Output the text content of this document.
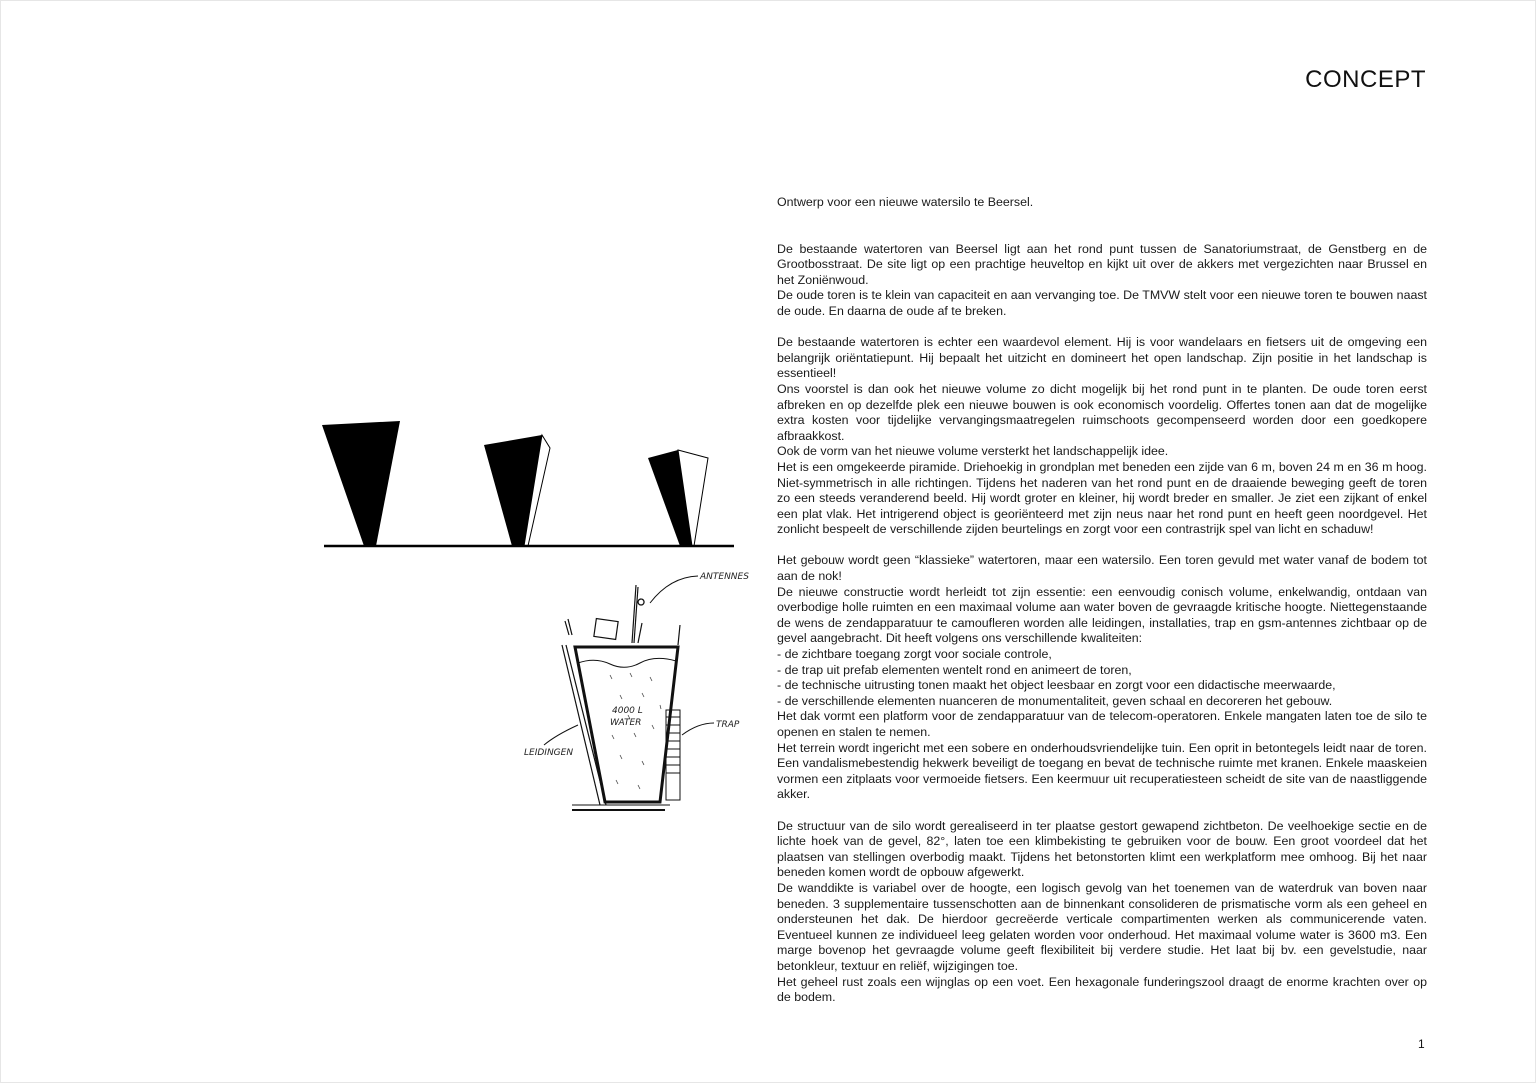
CONCEPT
ANTENNES
4000 L
WATER	TRAP
LEIDINGEN

Ontwerp voor een nieuwe watersilo te Beersel.

De bestaande watertoren van Beersel ligt aan het rond punt tussen de Sanatoriumstraat, de Genstberg en de Grootbosstraat. De site ligt op een prachtige heuveltop en kijkt uit over de akkers met vergezichten naar Brussel en het Zoniënwoud.

De oude toren is te klein van capaciteit en aan vervanging toe. De TMVW stelt voor een nieuwe toren te bouwen naast de oude. En daarna de oude af te breken.

De bestaande watertoren is echter een waardevol element. Hij is voor wandelaars en fietsers uit de omgeving een belangrijk oriëntatiepunt. Hij bepaalt het uitzicht en domineert het open landschap. Zijn positie in het landschap is essentieel!

Ons voorstel is dan ook het nieuwe volume zo dicht mogelijk bij het rond punt in te planten. De oude toren eerst afbreken en op dezelfde plek een nieuwe bouwen is ook economisch voordelig. Offertes tonen aan dat de mogelijke extra kosten voor tijdelijke vervangingsmaatregelen ruimschoots gecompenseerd worden door een goedkopere afbraakkost.

Ook de vorm van het nieuwe volume versterkt het landschappelijk idee.

Het is een omgekeerde piramide. Driehoekig in grondplan met beneden een zijde van 6 m, boven 24 m en 36 m hoog. Niet-symmetrisch in alle richtingen. Tijdens het naderen van het rond punt en de draaiende beweging geeft de toren zo een steeds veranderend beeld. Hij wordt groter en kleiner, hij wordt breder en smaller. Je ziet een zijkant of enkel een plat vlak. Het intrigerend object is georiënteerd met zijn neus naar het rond punt en heeft geen noordgevel. Het zonlicht bespeelt de verschillende zijden beurtelings en zorgt voor een contrastrijk spel van licht en schaduw!

Het gebouw wordt geen “klassieke” watertoren, maar een watersilo. Een toren gevuld met water vanaf de bodem tot aan de nok!

De nieuwe constructie wordt herleidt tot zijn essentie: een eenvoudig conisch volume, enkelwandig, ontdaan van overbodige holle ruimten en een maximaal volume aan water boven de gevraagde kritische hoogte. Niettegenstaande de wens de zendapparatuur te camoufleren worden alle leidingen, installaties, trap en gsm-antennes zichtbaar op de gevel aangebracht. Dit heeft volgens ons verschillende kwaliteiten:

- de zichtbare toegang zorgt voor sociale controle,

- de trap uit prefab elementen wentelt rond en animeert de toren,

- de technische uitrusting tonen maakt het object leesbaar en zorgt voor een didactische meerwaarde,

- de verschillende elementen nuanceren de monumentaliteit, geven schaal en decoreren het gebouw.

Het dak vormt een platform voor de zendapparatuur van de telecom-operatoren. Enkele mangaten laten toe de silo te openen en stalen te nemen.

Het terrein wordt ingericht met een sobere en onderhoudsvriendelijke tuin. Een oprit in betontegels leidt naar de toren. Een vandalismebestendig hekwerk beveiligt de toegang en bevat de technische ruimte met kranen. Enkele maaskeien vormen een zitplaats voor vermoeide fietsers. Een keermuur uit recuperatiesteen scheidt de site van de naastliggende akker.

De structuur van de silo wordt gerealiseerd in ter plaatse gestort gewapend zichtbeton. De veelhoekige sectie en de lichte hoek van de gevel, 82°, laten toe een klimbekisting te gebruiken voor de bouw. Een groot voordeel dat het plaatsen van stellingen overbodig maakt. Tijdens het betonstorten klimt een werkplatform mee omhoog. Bij het naar beneden komen wordt de opbouw afgewerkt.

De wanddikte is variabel over de hoogte, een logisch gevolg van het toenemen van de waterdruk van boven naar beneden. 3 supplementaire tussenschotten aan de binnenkant consolideren de prismatische vorm als een geheel en ondersteunen het dak. De hierdoor gecreëerde verticale compartimenten werken als communicerende vaten. Eventueel kunnen ze individueel leeg gelaten worden voor onderhoud. Het maximaal volume water is 3600 m3. Een marge bovenop het gevraagde volume geeft flexibiliteit bij verdere studie. Het laat bij bv. een gevelstudie, naar betonkleur, textuur en reliëf, wijzigingen toe.

Het geheel rust zoals een wijnglas op een voet. Een hexagonale funderingszool draagt de enorme krachten over op de bodem.

1
